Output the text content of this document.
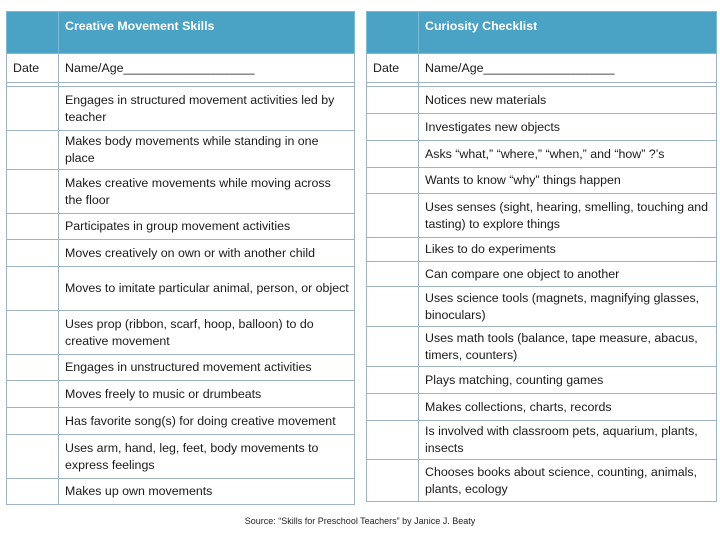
	Creative Movement Skills
Date	Name/Age___________________

	Engages in structured movement activities led by teacher
	Makes body movements while standing in one place
	Makes creative movements while moving across the floor
	Participates in group movement activities
	Moves creatively on own or with another child
	Moves to imitate particular animal, person, or object
	Uses prop (ribbon, scarf, hoop, balloon) to do creative movement
	Engages in unstructured movement activities
	Moves freely to music or drumbeats
	Has favorite song(s) for doing creative movement
	Uses arm, hand, leg, feet, body movements to express feelings
	Makes up own movements
	Curiosity Checklist
Date	Name/Age___________________

	Notices new materials
	Investigates new objects
	Asks “what,” “where,” “when,” and “how” ?’s
	Wants to know “why” things happen
	Uses senses (sight, hearing, smelling, touching and tasting) to explore things
	Likes to do experiments
	Can compare one object to another
	Uses science tools (magnets, magnifying glasses, binoculars)
	Uses math tools (balance, tape measure, abacus, timers, counters)
	Plays matching, counting games
	Makes collections, charts, records
	Is involved with classroom pets, aquarium, plants, insects
	Chooses books about science, counting, animals, plants, ecology
Source: “Skills for Preschool Teachers” by Janice J. Beaty
